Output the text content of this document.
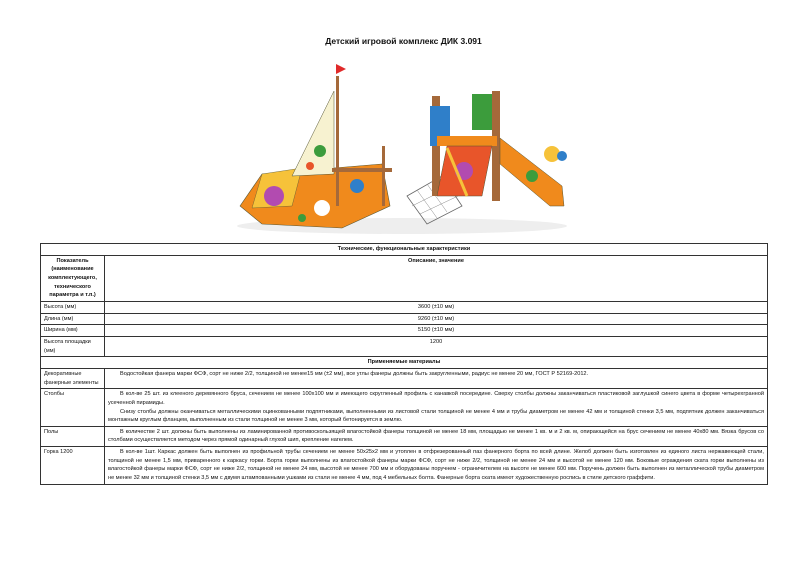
Детский игровой комплекс ДИК 3.091
Технические, функциональные характеристики	
Показатель (наименование комплектующего, технического параметра и т.п.)	Описание, значение
Высота (мм)	3600 (±10 мм)
Длина (мм)	9260 (±10 мм)
Ширина (мм)	5150 (±10 мм)
Высота площадки (мм)	1200
Применяемые материалы	
Декоративные фанерные элементы	Водостойкая фанера марки ФСФ, сорт не ниже 2/2, толщиной не менее15 мм (±2 мм), все углы фанеры должны быть закругленными, радиус не менее 20 мм, ГОСТ Р 52169-2012.

Столбы	В кол-ве 25 шт. из клееного деревянного бруса, сечением не менее 100х100 мм и имеющего скругленный профиль с канавкой посередине. Сверху столбы должны заканчиваться пластиковой заглушкой синего цвета в форме четырехгранной усеченной пирамиды.

Снизу столбы должны оканчиваться металлическими оцинкованными подпятниками, выполненными из листовой стали толщиной не менее 4 мм и трубы диаметром не менее 42 мм и толщиной стенки 3,5 мм, подпятник должен заканчиваться монтажным круглым фланцем, выполненным из стали толщиной не менее 3 мм, который бетонируется в землю.

Полы	В количестве 2 шт. должны быть выполнены из ламинированной противоскользящей влагостойкой фанеры толщиной не менее 18 мм, площадью не менее 1 кв. м и 2 кв. м, опирающейся на брус сечением не менее 40х80 мм. Вязка брусов со столбами осуществляется методом через прямой одинарный глухой шип, крепление нагелем.

Горка 1200	В кол-ве 1шт. Каркас должен быть выполнен из профильной трубы сечением не менее 50х25х2 мм и утоплен в отфрезерованный паз фанерного борта по всей длине. Желоб должен быть изготовлен из единого листа нержавеющей стали, толщиной не менее 1,5 мм, приваренного к каркасу горки. Борта горки выполнены из влагостойкой фанеры марки ФСФ, сорт не ниже 2/2, толщиной не менее 24 мм и высотой не менее 120 мм. Боковые ограждения ската горки выполнены из влагостойкой фанеры марки ФСФ, сорт не ниже 2/2, толщиной не менее 24 мм, высотой не менее 700 мм и оборудованы поручнем - ограничителем на высоте не менее 600 мм. Поручень должен быть выполнен из металлической трубы диаметром не менее 32 мм и толщиной стенки 3,5 мм с двумя штампованными ушками из стали не менее 4 мм, под 4 мебельных болта. Фанерные борта ската имеют художественную роспись в стиле детского граффити.
